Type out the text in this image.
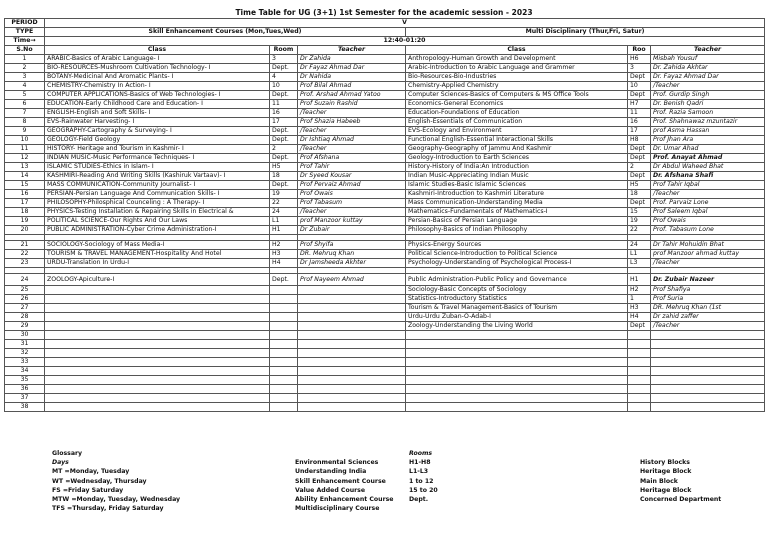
Time Table for UG (3+1) 1st Semester for the academic session - 2023
PERIOD	V					
TYPE	Skill Enhancement Courses (Mon,Tues,Wed)			Multi Disciplinary (Thur,Fri, Satur)		
Time→	12:40-01:20					
S.No	Class	Room	Teacher	Class	Roo	Teacher
1	ARABIC-Basics of Arabic Language- I	3	Dr Zahida	Anthropology-Human Growth and Development	H6	Misbah Yousuf
2	BIO-RESOURCES-Mushroom Cultivation Technology- I	Dept.	Dr Fayaz Ahmad Dar	Arabic-Introduction to Arabic Language and Grammer	3	Dr. Zahida Akhtar
3	BOTANY-Medicinal And Aromatic Plants- I	4	Dr Nahida	Bio-Resources-Bio-Industries	Dept	Dr. Fayaz Ahmad Dar
4	CHEMISTRY-Chemistry In Action- I	10	Prof Bilal Ahmad	Chemistry-Applied Chemistry	10	/Teacher
5	COMPUTER APPLICATIONS-Basics of Web Technologies- I	Dept.	Prof. Arshad Ahmad Yatoo	Computer Sciences-Basics of Computers & MS Office Tools	Dept	Prof. Gurdip Singh
6	EDUCATION-Early Childhood Care and Education- I	11	Prof Suzain Rashid	Economics-General Economics	H7	Dr. Benish Qadri
7	ENGLISH-English and Soft Skills- I	16	/Teacher	Education-Foundations of Education	11	Prof. Razia Samoon
8	EVS-Rainwater Harvesting- I	17	Prof Shazia Habeeb	English-Essentials of Communication	16	Prof. Shahnawaz mzuntazir
9	GEOGRAPHY-Cartography & Surveying- I	Dept.	/Teacher	EVS-Ecology and Environment	17	prof Asma Hassan
10	GEOLOGY-Field Geology	Dept.	Dr Ishtiaq Ahmad	Functional English-Essential Interactional Skills	H8	Prof Jhan Ara
11	HISTORY- Heritage and Tourism in Kashmir- I	2	/Teacher	Geography-Geography of Jammu And Kashmir	Dept	Dr. Umar Ahad
12	INDIAN MUSIC-Music Performance Techniques- I	Dept.	Prof Afshana	Geology-Introduction to Earth Sciences	Dept	Prof. Anayat Ahmad
13	ISLAMIC STUDIES-Ethics in Islam- I	H5	Prof Tahir	History-History of India:An Introduction	2	Dr Abdul Waheed Bhat
14	KASHMIRI-Reading And Writing Skills (Kashiruk Vartaav)- I	18	Dr Syeed Kousar	Indian Music-Appreciating Indian Music	Dept	Dr. Afshana Shafi
15	MASS COMMUNICATION-Community Journalist- I	Dept.	Prof Pervaiz Ahmad	Islamic Studies-Basic Islamic Sciences	H5	Prof Tahir Iqbal
16	PERSIAN-Persian Language And Communication Skills- I	19	Prof Owais	Kashmiri-Introduction to Kashmiri Literature	18	/Teacher
17	PHILOSOPHY-Philosphical Counceling : A Therapy- I	22	Prof Tabasum	Mass Communication-Understanding Media	Dept	Prof. Parvaiz Lone
18	PHYSICS-Testing Installation & Repairing Skills in Electrical &	24	/Teacher	Mathematics-Fundamentals of Mathematics-I	15	Prof Saleem Iqbal
19	POLITICAL SCIENCE-Our Rights And Our Laws	L1	prof Manzoor kuttay	Persian-Basics of Persian Language	19	Prof Owais
20	PUBLIC ADMINISTRATION-Cyber Crime Administration-I	H1	Dr Zubair	Philosophy-Basics of Indian Philosophy	22	Prof. Tabasum Lone

21	SOCIOLOGY-Sociology of Mass Media-I	H2	Prof Shyifa	Physics-Energy Sources	24	Dr Tahir Mohuidin Bhat
22	TOURISM & TRAVEL MANAGEMENT-Hospitality And Hotel	H3	DR. Mehruq Khan	Political Science-Introduction to Political Science	L1	prof Manzoor ahmad kuttay
23	URDU-Translation In Urdu-I	H4	Dr Jamsheeda Akhter	Psychology-Understanding of Psychological Process-I	L3	/Teacher

24	ZOOLOGY-Apiculture-I	Dept.	Prof Nayeem Ahmad	Public Administration-Public Policy and Governance	H1	Dr. Zubair Nazeer
25				Sociology-Basic Concepts of Sociology	H2	Prof Shafiya
26				Statistics-Introductory Statistics	1	Prof Suria
27				Tourism & Travel Management-Basics of Tourism	H3	DR. Mehruq Khan (1st
28				Urdu-Urdu Zuban-O-Adab-I	H4	Dr zahid zaffer
29				Zoology-Understanding the Living World	Dept	/Teacher
30						
31						
32						
33						
34						
35						
36						
37						
38						
Glossary
Days
MT =Monday, Tuesday
WT =Wednesday, Thursday
FS =Friday Saturday
MTW =Monday, Tuesday, Wednesday
TFS =Thursday, Friday Saturday
Environmental Sciences
Understanding India
Skill Enhancement Course
Value Added Course
Ability Enhancement Course
Multidisciplinary Course
Rooms
H1-H8
L1-L3
1 to 12
15 to 20
Dept.
History Blocks
Heritage Block
Main Block
Heritage Block
Concerned Department
